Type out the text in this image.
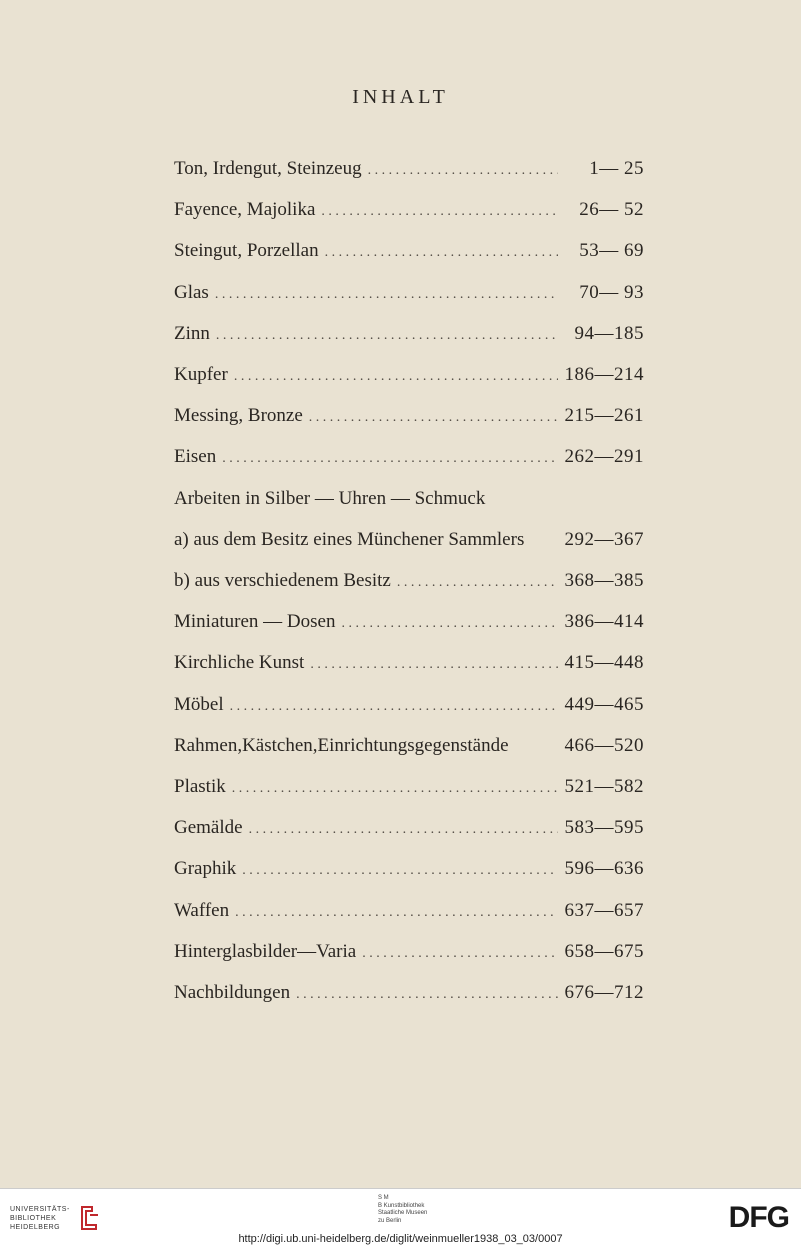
INHALT
Ton, Irdengut, Steinzeug . . .	1— 25
Fayence, Majolika . . .	26— 52
Steingut, Porzellan . . .	53— 69
Glas . . .	70— 93
Zinn . . .	94—185
Kupfer . . .	186—214
Messing, Bronze . . .	215—261
Eisen . . .	262—291
Arbeiten in Silber — Uhren — Schmuck
a) aus dem Besitz eines Münchener Sammlers 292—367
b) aus verschiedenem Besitz . . .	368—385
Miniaturen — Dosen . . .	386—414
Kirchliche Kunst . . .	415—448
Möbel . . .	449—465
Rahmen,Kästchen,Einrichtungsgegenstände	466—520
Plastik . . .	521—582
Gemälde . . .	583—595
Graphik . . .	596—636
Waffen . . .	637—657
Hinterglasbilder—Varia . . .	658—675
Nachbildungen . . .	676—712
UNIVERSITÄTS-
BIBLIOTHEK
HEIDELBERG
S M
B Kunstbibliothek
Staatliche Museen
zu Berlin	DFG
http://digi.ub.uni-heidelberg.de/diglit/weinmueller1938_03_03/0007
